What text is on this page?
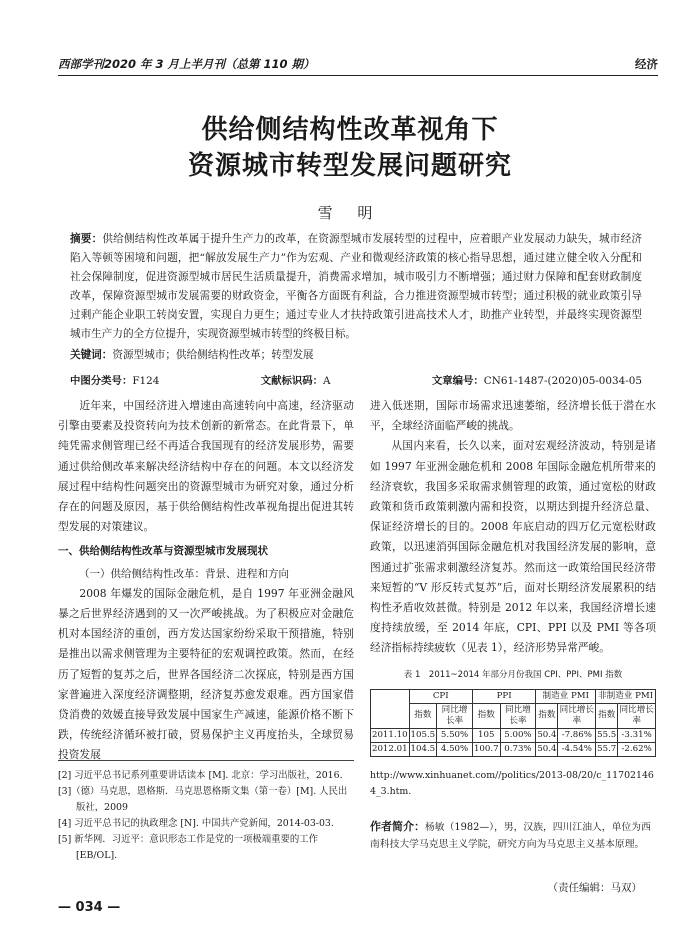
西部学刊2020 年 3 月上半月刊（总第 110 期）	经济
供给侧结构性改革视角下
资源城市转型发展问题研究
雪 明
摘要：供给侧结构性改革属于提升生产力的改革，在资源型城市发展转型的过程中，应着眼产业发展动力缺失，城市经济陷入等顿等困境和问题，把“解放发展生产力”作为宏观、产业和微观经济政策的核心指导思想，通过建立健全收入分配和社会保障制度，促进资源型城市居民生活质量提升，消费需求增加，城市吸引力不断增强；通过财力保障和配套财政制度改革，保障资源型城市发展需要的财政资金，平衡各方面既有利益，合力推进资源型城市转型；通过积极的就业政策引导过剩产能企业职工转岗安置，实现自力更生；通过专业人才扶持政策引进高技术人才，助推产业转型，并最终实现资源型城市生产力的全方位提升，实现资源型城市转型的终极目标。
关键词：资源型城市；供给侧结构性改革；转型发展
中图分类号：F124	文献标识码：A	文章编号：CN61-1487-(2020)05-0034-05

近年来，中国经济进入增速由高速转向中高速，经济驱动引擎由要素及投资转向为技术创新的新常态。在此背景下，单纯凭需求侧管理已经不再适合我国现有的经济发展形势，需要通过供给侧改革来解决经济结构中存在的问题。本文以经济发展过程中结构性问题突出的资源型城市为研究对象，通过分析存在的问题及原因，基于供给侧结构性改革视角提出促进其转型发展的对策建议。

一、供给侧结构性改革与资源型城市发展现状
（一）供给侧结构性改革：背景、进程和方向

2008 年爆发的国际金融危机，是自 1997 年亚洲金融风暴之后世界经济遇到的又一次严峻挑战。为了积极应对金融危机对本国经济的重创，西方发达国家纷纷采取干预措施，特别是推出以需求侧管理为主要特征的宏观调控政策。然而，在经历了短暂的复苏之后，世界各国经济二次探底，特别是西方国家普遍进入深度经济调整期，经济复苏愈发艰难。西方国家借贷消费的效媛直接导致发展中国家生产减速，能源价格不断下跌，传统经济循环被打破，贸易保护主义再度抬头，全球贸易投资发展

进入低迷期，国际市场需求迅速萎缩，经济增长低于潜在水平，全球经济面临严峻的挑战。

从国内来看，长久以来，面对宏观经济波动，特别是诸如 1997 年亚洲金融危机和 2008 年国际金融危机所带来的经济衰软，我国多采取需求侧管理的政策，通过宽松的财政政策和货币政策刺激内需和投资，以期达到提升经济总量、保证经济增长的目的。2008 年底启动的四万亿元宽松财政政策，以迅速消弭国际金融危机对我国经济发展的影响，意图通过扩张需求刺激经济复苏。然而这一政策给国民经济带来短暂的“V 形反转式复苏”后，面对长期经济发展累积的结构性矛盾收效甚微。特别是 2012 年以来，我国经济增长速度持续放缓，至 2014 年底，CPI、PPI 以及 PMI 等各项经济指标持续疲软（见表 1），经济形势异常严峻。

表 1　2011~2014 年部分月份我国 CPI、PPI、PMI 指数
	CPI		PPI		制造业 PMI		非制造业 PMI	
	指数	同比增长率	指数	同比增长率	指数	同比增长率	指数	同比增长率
2011.10	105.5	5.50%	105	5.00%	50.4	-7.86%	55.5	-3.31%
2012.01	104.5	4.50%	100.7	0.73%	50.4	-4.54%	55.7	-2.62%
[2] 习近平总书记系列重要讲话读本 [M]. 北京：学习出版社，2016.
[3]（德）马克思，恩格斯．马克思恩格斯文集（第一卷）[M]. 人民出版社，2009
[4] 习近平总书记的执政理念 [N]. 中国共产党新闻，2014-03-03.
[5] 新华网．习近平：意识形态工作是党的一项极端重要的工作 [EB/OL].
http://www.xinhuanet.com//politics/2013-08/20/c_117021464_3.htm.
作者简介：杨敏（1982—），男，汉族，四川江油人，单位为西南科技大学马克思主义学院，研究方向为马克思主义基本原理。
（责任编辑：马双）
— 034 —
